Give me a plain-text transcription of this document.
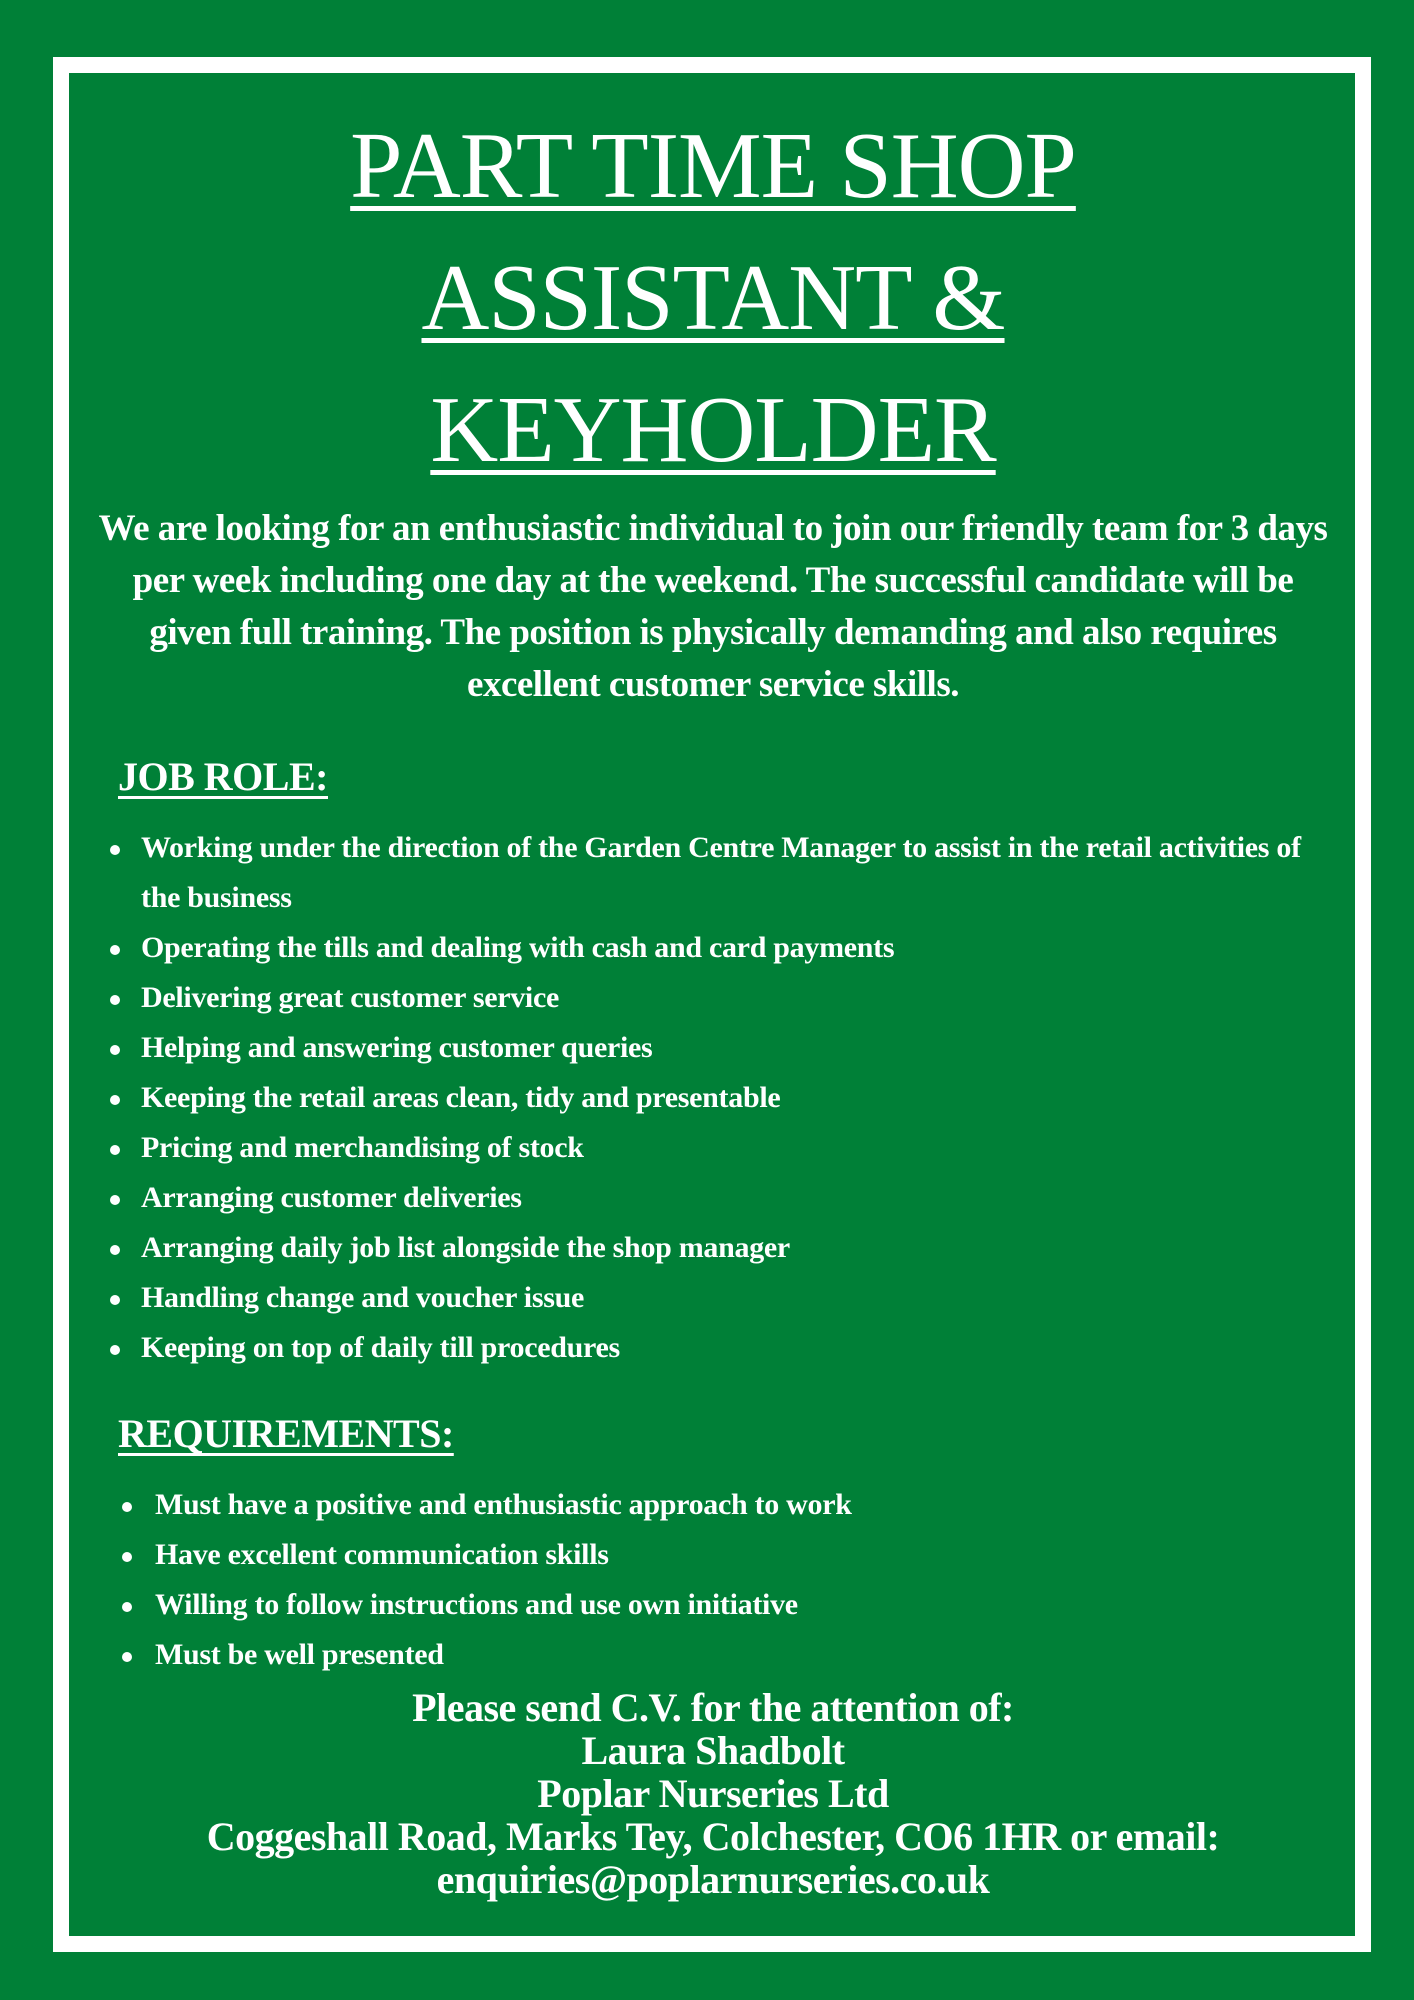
PART TIME SHOP
ASSISTANT &
KEYHOLDER

We are looking for an enthusiastic individual to join our friendly team for 3 days per week including one day at the weekend. The successful candidate will be given full training. The position is physically demanding and also requires excellent customer service skills.

JOB ROLE:
Working under the direction of the Garden Centre Manager to assist in the retail activities of the business
Operating the tills and dealing with cash and card payments
Delivering great customer service
Helping and answering customer queries
Keeping the retail areas clean, tidy and presentable
Pricing and merchandising of stock
Arranging customer deliveries
Arranging daily job list alongside the shop manager
Handling change and voucher issue
Keeping on top of daily till procedures
REQUIREMENTS:
Must have a positive and enthusiastic approach to work
Have excellent communication skills
Willing to follow instructions and use own initiative
Must be well presented
Please send C.V. for the attention of:
Laura Shadbolt
Poplar Nurseries Ltd
Coggeshall Road, Marks Tey, Colchester, CO6 1HR or email:
enquiries@poplarnurseries.co.uk
